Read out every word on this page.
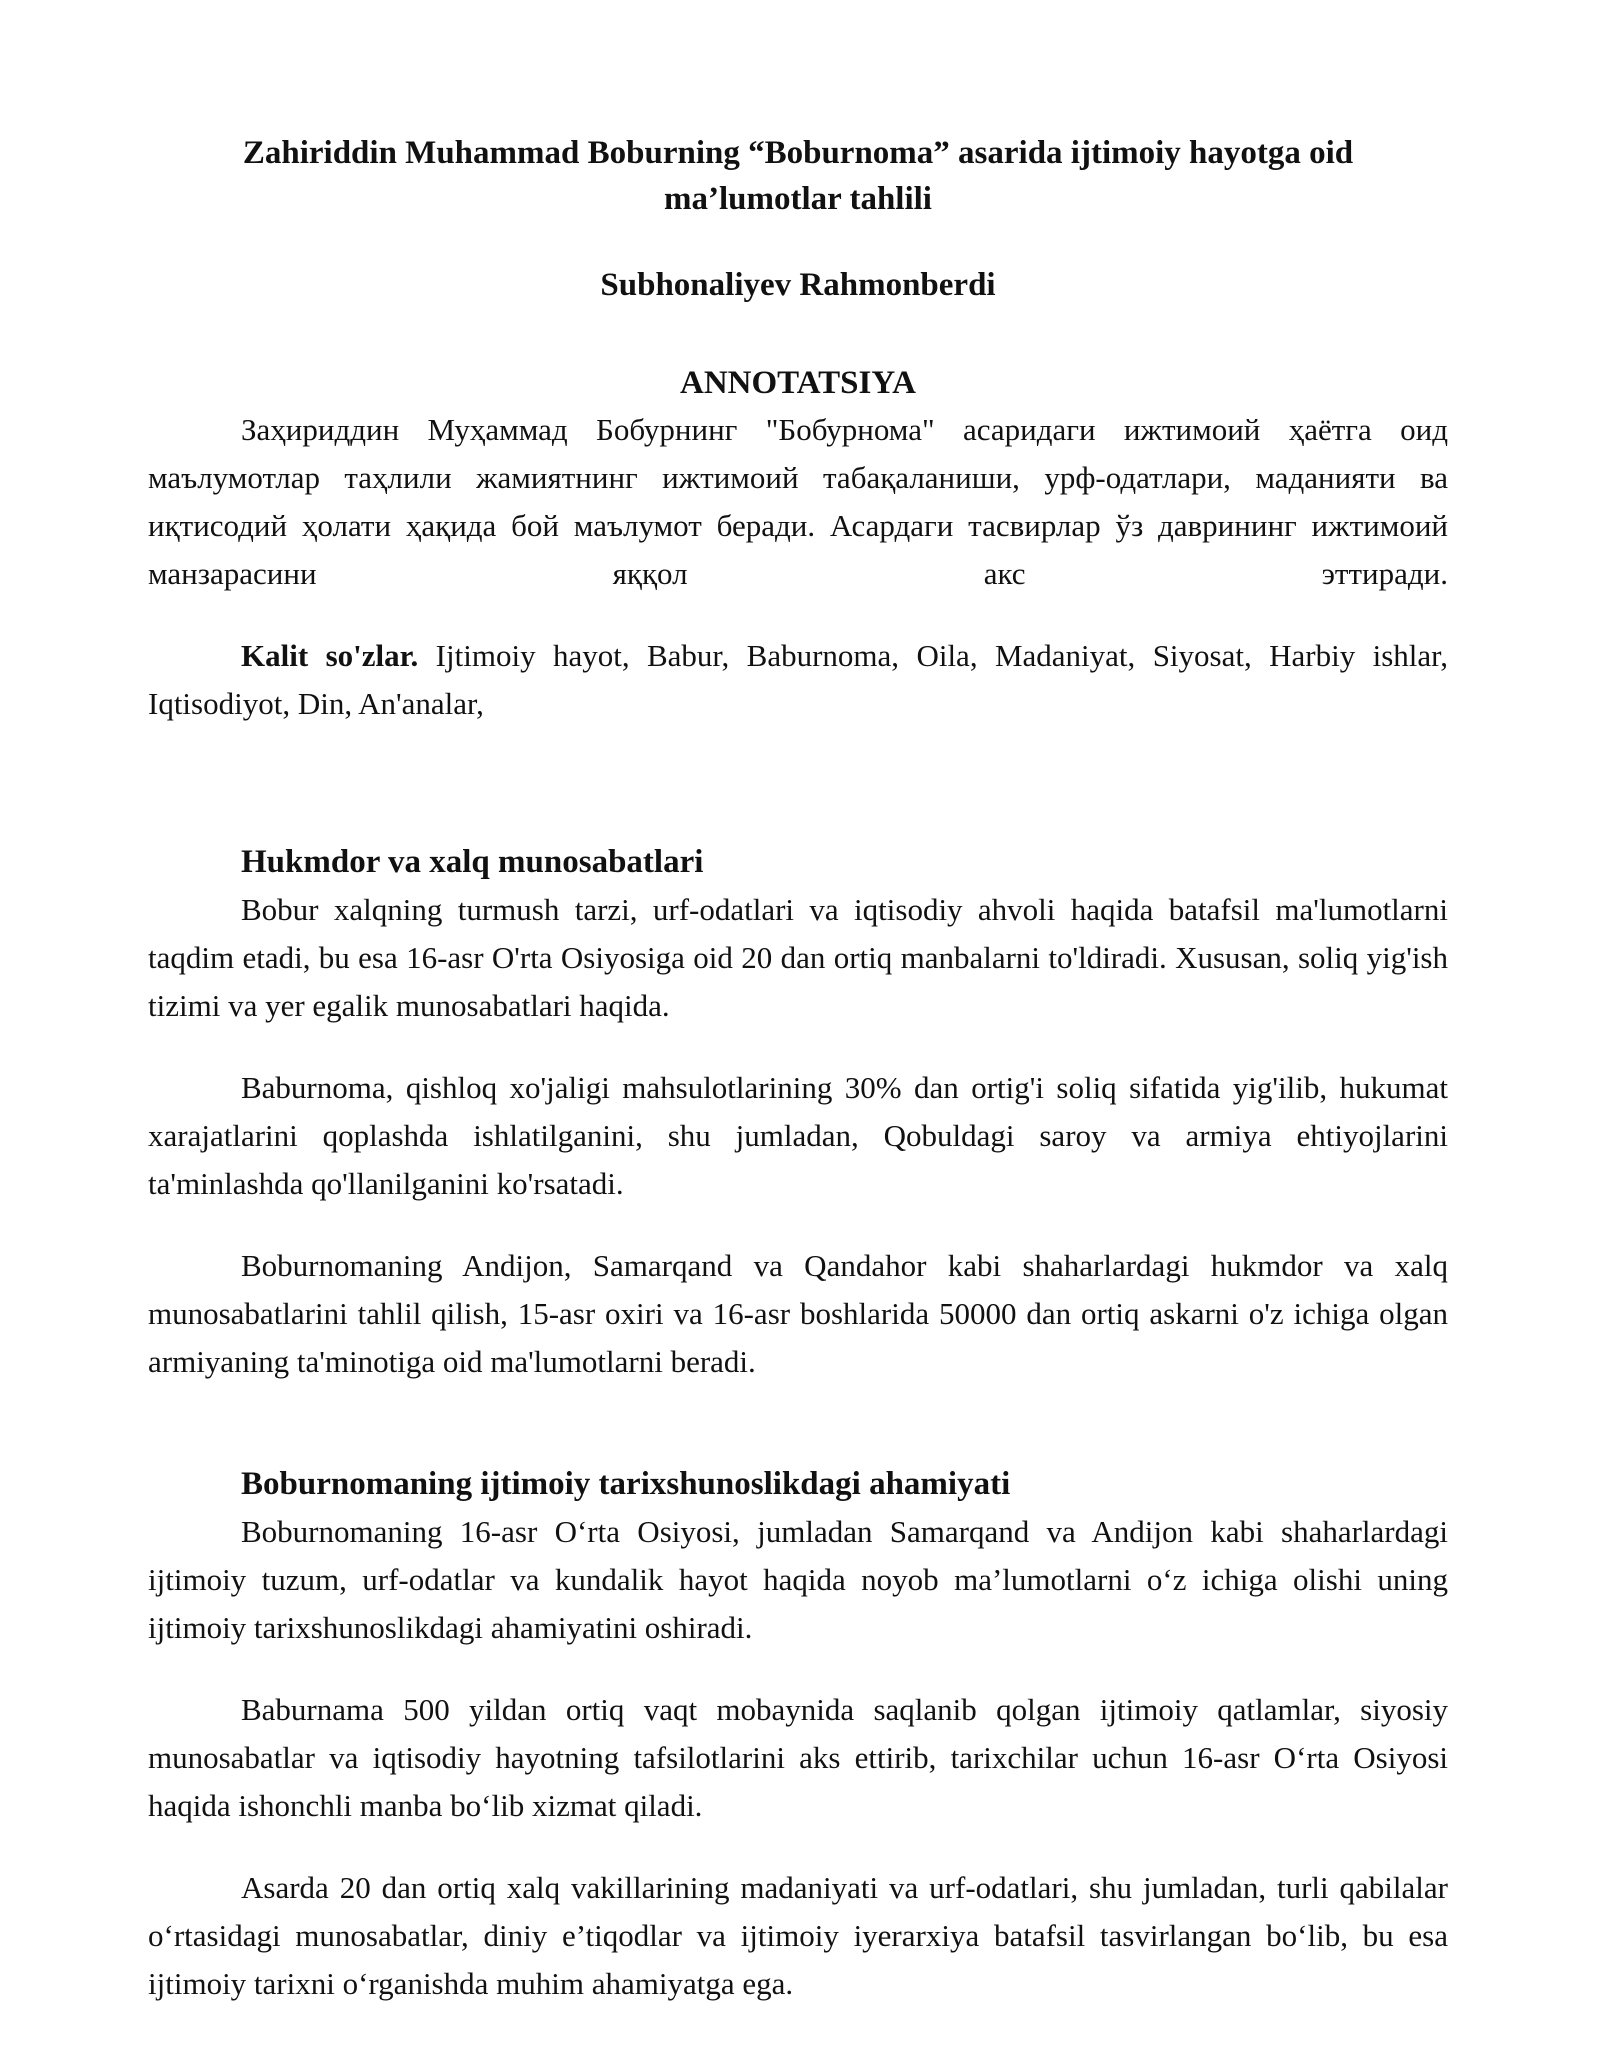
Zahiriddin Muhammad Boburning “Boburnoma” asarida ijtimoiy hayotga oid ma’lumotlar tahlili
Subhonaliyev Rahmonberdi
ANNOTATSIYA

Заҳириддин Муҳаммад Бобурнинг "Бобурнома" асаридаги ижтимоий ҳаётга оид маълумотлар таҳлили жамиятнинг ижтимоий табақаланиши, урф-одатлари, маданияти ва иқтисодий ҳолати ҳақида бой маълумот беради. Асардаги тасвирлар ўз даврининг ижтимоий манзарасини яққол акс эттиради.

Kalit so'zlar. Ijtimoiy hayot, Babur, Baburnoma, Oila, Madaniyat, Siyosat, Harbiy ishlar, Iqtisodiyot, Din, An'analar,

Hukmdor va xalq munosabatlari

Bobur xalqning turmush tarzi, urf-odatlari va iqtisodiy ahvoli haqida batafsil ma'lumotlarni taqdim etadi, bu esa 16-asr O'rta Osiyosiga oid 20 dan ortiq manbalarni to'ldiradi. Xususan, soliq yig'ish tizimi va yer egalik munosabatlari haqida.

Baburnoma, qishloq xo'jaligi mahsulotlarining 30% dan ortig'i soliq sifatida yig'ilib, hukumat xarajatlarini qoplashda ishlatilganini, shu jumladan, Qobuldagi saroy va armiya ehtiyojlarini ta'minlashda qo'llanilganini ko'rsatadi.

Boburnomaning Andijon, Samarqand va Qandahor kabi shaharlardagi hukmdor va xalq munosabatlarini tahlil qilish, 15-asr oxiri va 16-asr boshlarida 50000 dan ortiq askarni o'z ichiga olgan armiyaning ta'minotiga oid ma'lumotlarni beradi.

Boburnomaning ijtimoiy tarixshunoslikdagi ahamiyati

Boburnomaning 16-asr O‘rta Osiyosi, jumladan Samarqand va Andijon kabi shaharlardagi ijtimoiy tuzum, urf-odatlar va kundalik hayot haqida noyob ma’lumotlarni o‘z ichiga olishi uning ijtimoiy tarixshunoslikdagi ahamiyatini oshiradi.

Baburnama 500 yildan ortiq vaqt mobaynida saqlanib qolgan ijtimoiy qatlamlar, siyosiy munosabatlar va iqtisodiy hayotning tafsilotlarini aks ettirib, tarixchilar uchun 16-asr O‘rta Osiyosi haqida ishonchli manba bo‘lib xizmat qiladi.

Asarda 20 dan ortiq xalq vakillarining madaniyati va urf-odatlari, shu jumladan, turli qabilalar o‘rtasidagi munosabatlar, diniy e’tiqodlar va ijtimoiy iyerarxiya batafsil tasvirlangan bo‘lib, bu esa ijtimoiy tarixni o‘rganishda muhim ahamiyatga ega.
